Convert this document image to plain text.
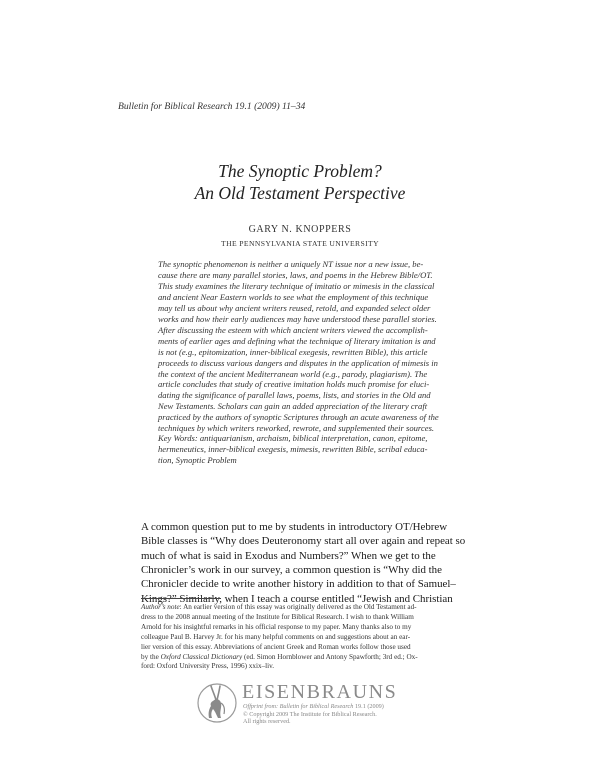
Bulletin for Biblical Research 19.1 (2009) 11–34
The Synoptic Problem?
An Old Testament Perspective
GARY N. KNOPPERS
THE PENNSYLVANIA STATE UNIVERSITY
The synoptic phenomenon is neither a uniquely NT issue nor a new issue, be-
cause there are many parallel stories, laws, and poems in the Hebrew Bible/OT.
This study examines the literary technique of imitatio or mimesis in the classical
and ancient Near Eastern worlds to see what the employment of this technique
may tell us about why ancient writers reused, retold, and expanded select older
works and how their early audiences may have understood these parallel stories.
After discussing the esteem with which ancient writers viewed the accomplish-
ments of earlier ages and defining what the technique of literary imitation is and
is not (e.g., epitomization, inner-biblical exegesis, rewritten Bible), this article
proceeds to discuss various dangers and disputes in the application of mimesis in
the context of the ancient Mediterranean world (e.g., parody, plagiarism). The
article concludes that study of creative imitation holds much promise for eluci-
dating the significance of parallel laws, poems, lists, and stories in the Old and
New Testaments. Scholars can gain an added appreciation of the literary craft
practiced by the authors of synoptic Scriptures through an acute awareness of the
techniques by which writers reworked, rewrote, and supplemented their sources.
Key Words: antiquarianism, archaism, biblical interpretation, canon, epitome,
hermeneutics, inner-biblical exegesis, mimesis, rewritten Bible, scribal educa-
tion, Synoptic Problem
A common question put to me by students in introductory OT/Hebrew
Bible classes is “Why does Deuteronomy start all over again and repeat so
much of what is said in Exodus and Numbers?” When we get to the
Chronicler’s work in our survey, a common question is “Why did the
Chronicler decide to write another history in addition to that of Samuel–
Kings?” Similarly, when I teach a course entitled “Jewish and Christian
Author’s note: An earlier version of this essay was originally delivered as the Old Testament ad-
dress to the 2008 annual meeting of the Institute for Biblical Research. I wish to thank William
Arnold for his insightful remarks in his official response to my paper. Many thanks also to my
colleague Paul B. Harvey Jr. for his many helpful comments on and suggestions about an ear-
lier version of this essay. Abbreviations of ancient Greek and Roman works follow those used
by the Oxford Classical Dictionary (ed. Simon Hornblower and Antony Spawforth; 3rd ed.; Ox-
ford: Oxford University Press, 1996) xxix–liv.
EISENBRAUNS
Offprint from: Bulletin for Biblical Research 19.1 (2009)
© Copyright 2009 The Institute for Biblical Research.
All rights reserved.
